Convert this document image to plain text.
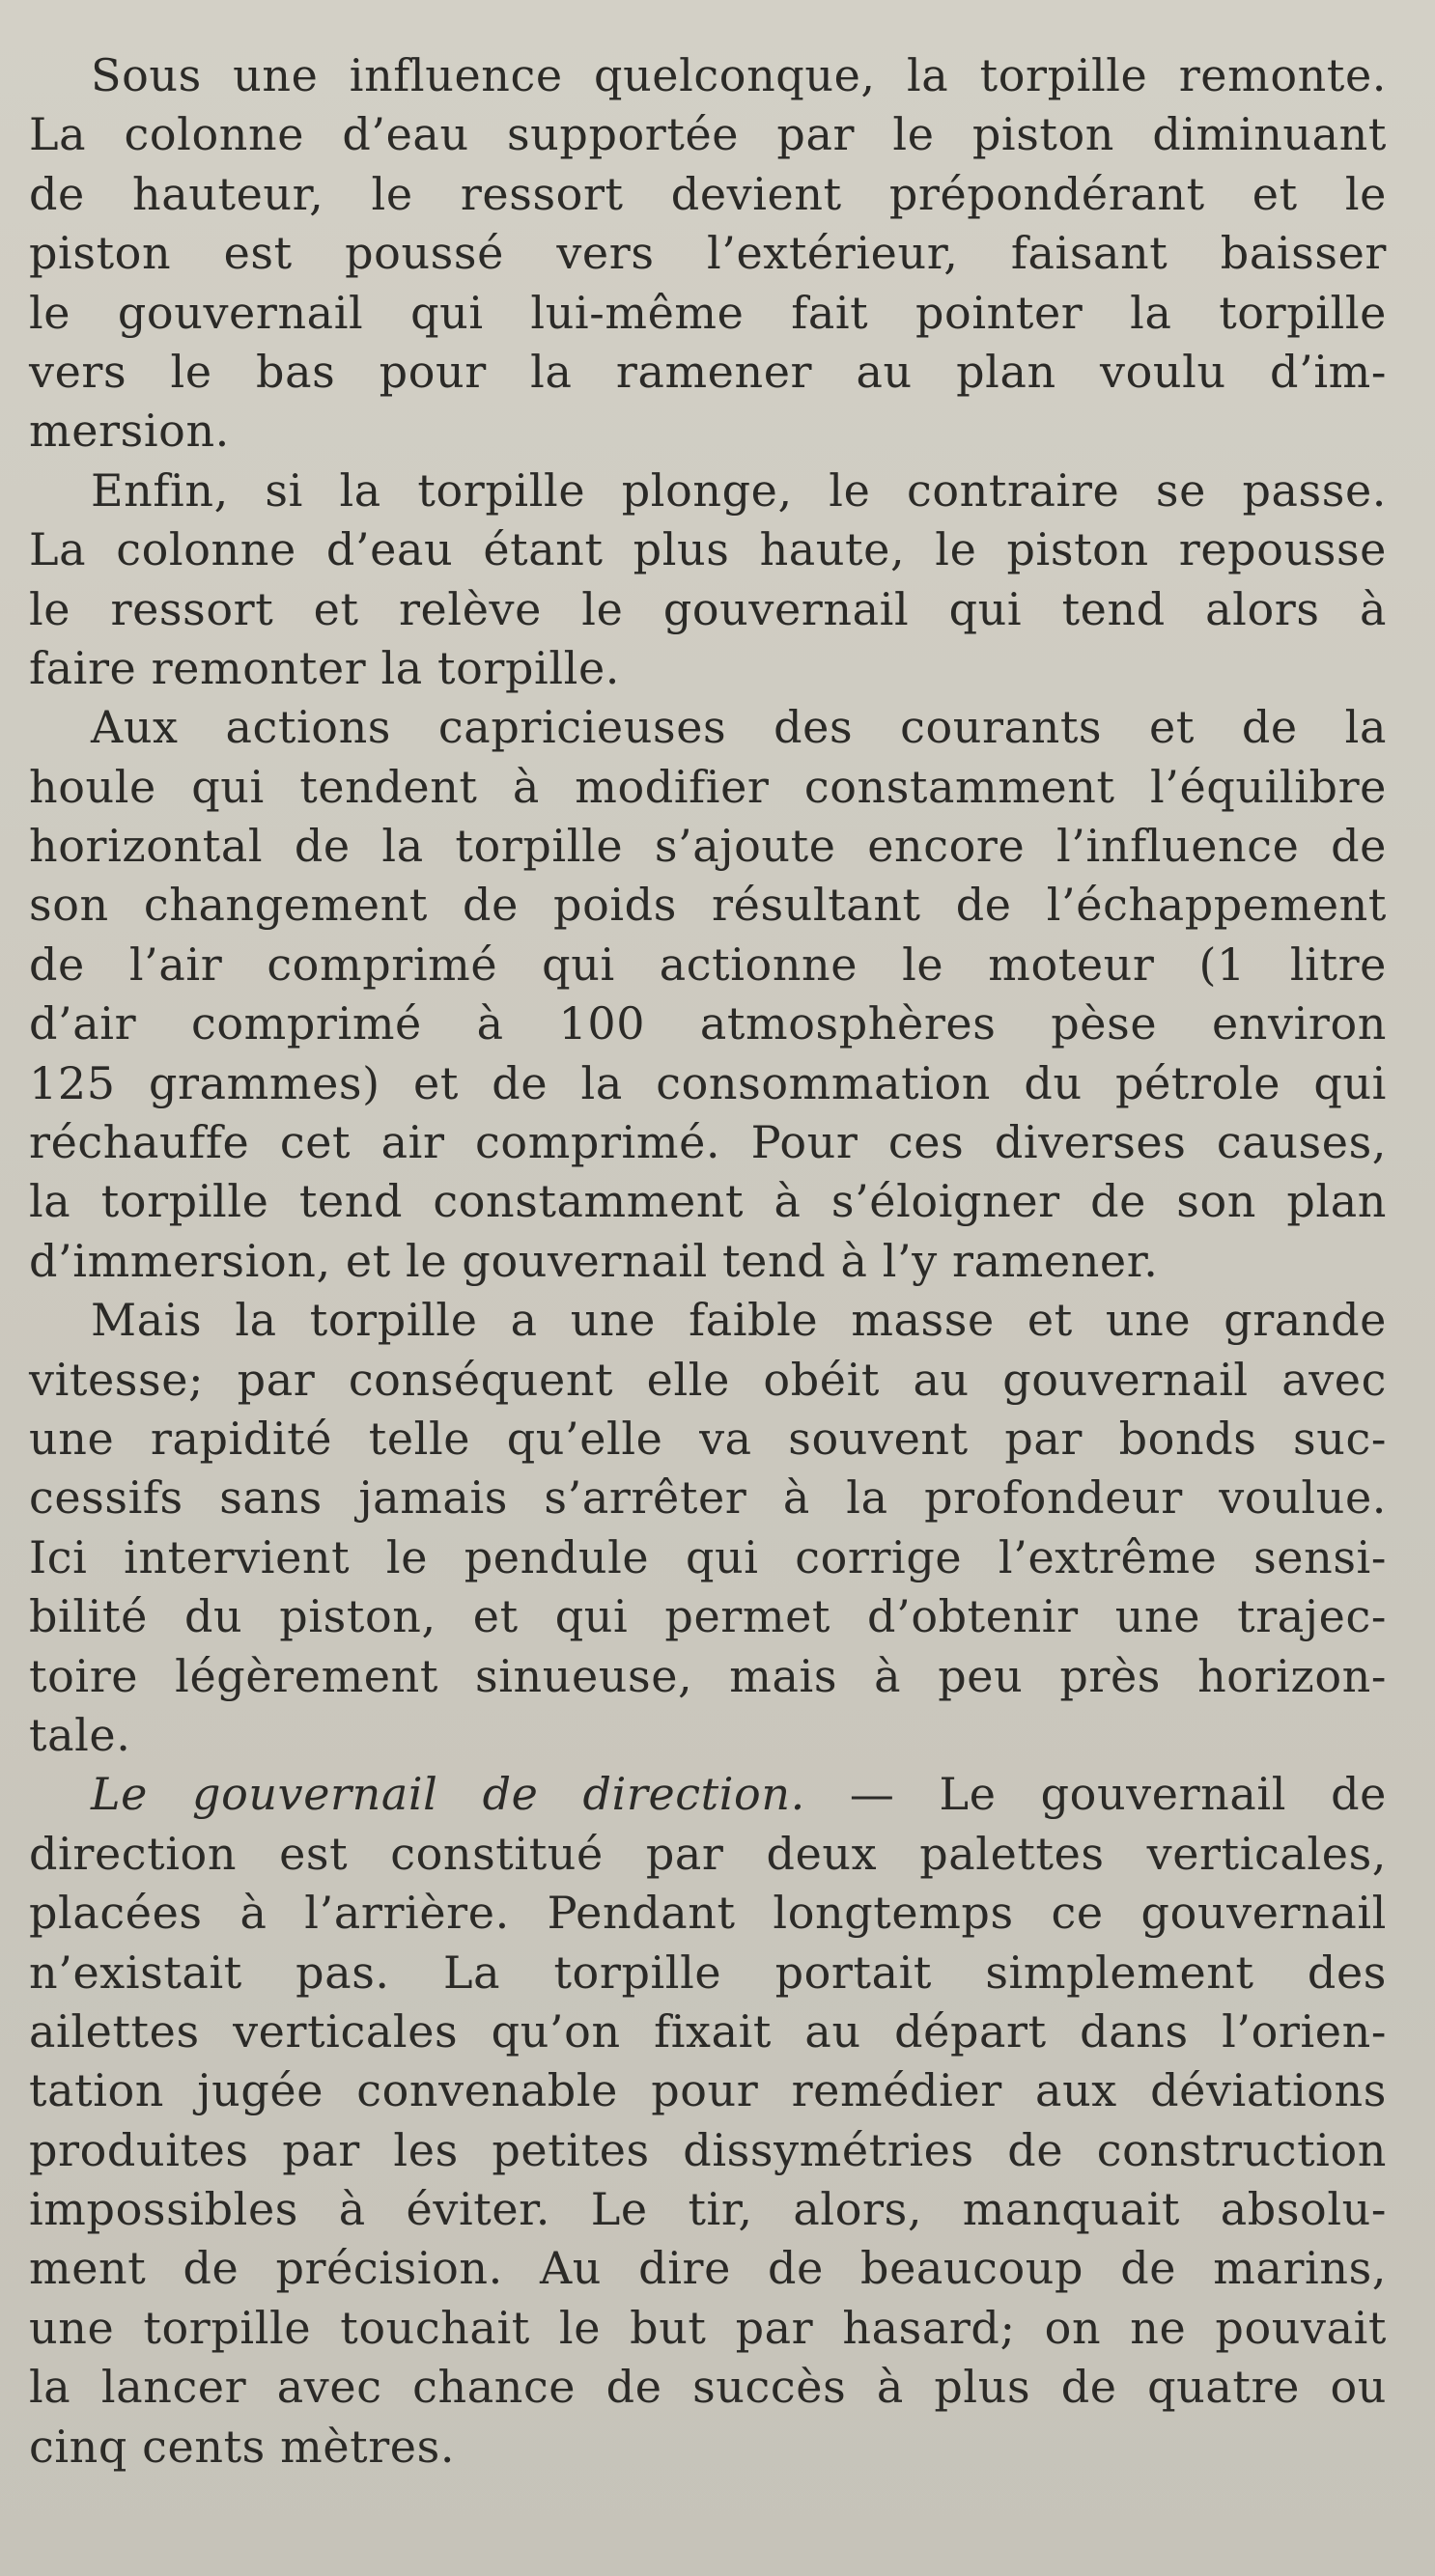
Sous une influence quelconque, la torpille remonte.
La colonne d’eau supportée par le piston diminuant
de hauteur, le ressort devient prépondérant et le
piston est poussé vers l’extérieur, faisant baisser
le gouvernail qui lui-même fait pointer la torpille
vers le bas pour la ramener au plan voulu d’im-
mersion.
Enfin, si la torpille plonge, le contraire se passe.
La colonne d’eau étant plus haute, le piston repousse
le ressort et relève le gouvernail qui tend alors à
faire remonter la torpille.
Aux actions capricieuses des courants et de la
houle qui tendent à modifier constamment l’équilibre
horizontal de la torpille s’ajoute encore l’influence de
son changement de poids résultant de l’échappement
de l’air comprimé qui actionne le moteur (1 litre
d’air comprimé à 100 atmosphères pèse environ
125 grammes) et de la consommation du pétrole qui
réchauffe cet air comprimé. Pour ces diverses causes,
la torpille tend constamment à s’éloigner de son plan
d’immersion, et le gouvernail tend à l’y ramener.
Mais la torpille a une faible masse et une grande
vitesse; par conséquent elle obéit au gouvernail avec
une rapidité telle qu’elle va souvent par bonds suc-
cessifs sans jamais s’arrêter à la profondeur voulue.
Ici intervient le pendule qui corrige l’extrême sensi-
bilité du piston, et qui permet d’obtenir une trajec-
toire légèrement sinueuse, mais à peu près horizon-
tale.
Le gouvernail de direction. — Le gouvernail de
direction est constitué par deux palettes verticales,
placées à l’arrière. Pendant longtemps ce gouvernail
n’existait pas. La torpille portait simplement des
ailettes verticales qu’on fixait au départ dans l’orien-
tation jugée convenable pour remédier aux déviations
produites par les petites dissymétries de construction
impossibles à éviter. Le tir, alors, manquait absolu-
ment de précision. Au dire de beaucoup de marins,
une torpille touchait le but par hasard; on ne pouvait
la lancer avec chance de succès à plus de quatre ou
cinq cents mètres.
